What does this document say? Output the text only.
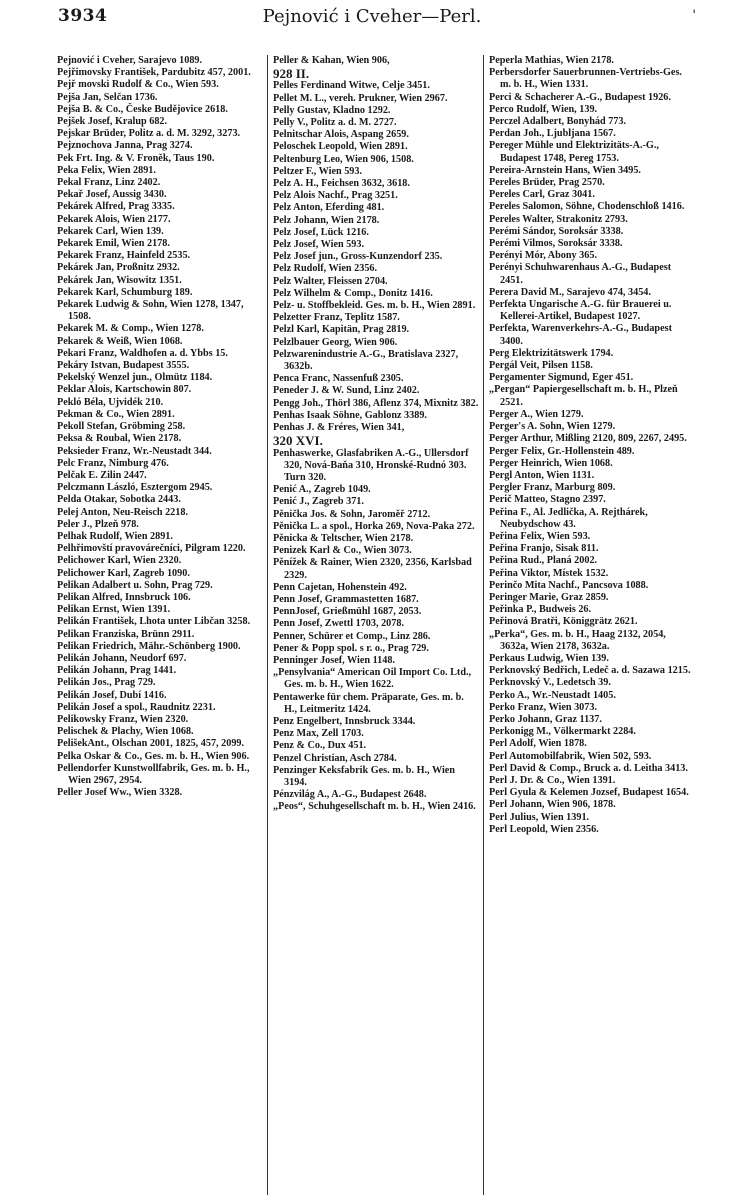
3934	Pejnović i Cveher—Perl.	'

Pejnović i Cveher, Sarajevo 1089.

Pejřimovsky František, Pardubitz 457, 2001.

Pejř movski Rudolf & Co., Wien 593.

Pejša Jan, Selčan 1736.

Pejša B. & Co., Česke Budějovice 2618.

Pejšek Josef, Kralup 682.

Pejskar Brüder, Politz a. d. M. 3292, 3273.

Pejznochova Janna, Prag 3274.

Pek Frt. Ing. & V. Froněk, Taus 190.

Peka Felix, Wien 2891.

Pekal Franz, Linz 2402.

Pekař Josef, Aussig 3430.

Pekárek Alfred, Prag 3335.

Pekarek Alois, Wien 2177.

Pekarek Carl, Wien 139.

Pekarek Emil, Wien 2178.

Pekarek Franz, Hainfeld 2535.

Pekárek Jan, Proßnitz 2932.

Pekárek Jan, Wisowitz 1351.

Pekarek Karl, Schumburg 189.

Pekarek Ludwig & Sohn, Wien 1278, 1347, 1508.

Pekarek M. & Comp., Wien 1278.

Pekarek & Weiß, Wien 1068.

Pekari Franz, Waldhofen a. d. Ybbs 15.

Pekáry Istvan, Budapest 3555.

Pekelský Wenzel jun., Olmütz 1184.

Peklar Alois, Kartschowin 807.

Pekló Béla, Ujvidék 210.

Pekman & Co., Wien 2891.

Pekoll Stefan, Gröbming 258.

Peksa & Roubal, Wien 2178.

Peksieder Franz, Wr.-Neustadt 344.

Pelc Franz, Nimburg 476.

Pelčak E. Zilin 2447.

Pelczmann László, Esztergom 2945.

Pelda Otakar, Sobotka 2443.

Pelej Anton, Neu-Reisch 2218.

Peler J., Plzeň 978.

Pelhak Rudolf, Wien 2891.

Pelhřimovští pravovárečníci, Pilgram 1220.

Pelichower Karl, Wien 2320.

Pelichower Karl, Zagreb 1090.

Pelikan Adalbert u. Sohn, Prag 729.

Pelikan Alfred, Innsbruck 106.

Pelikan Ernst, Wien 1391.

Pelikán František, Lhota unter Libčan 3258.

Pelikan Franziska, Brünn 2911.

Pelikan Friedrich, Mähr.-Schönberg 1900.

Pelikán Johann, Neudorf 697.

Pelikán Johann, Prag 1441.

Pelikán Jos., Prag 729.

Pelikán Josef, Dubí 1416.

Pelikán Josef a spol., Raudnitz 2231.

Pelikowsky Franz, Wien 2320.

Pelischek & Plachy, Wien 1068.

PelišekAnt., Olschan 2001, 1825, 457, 2099.

Pelka Oskar & Co., Ges. m. b. H., Wien 906.

Pellendorfer Kunstwollfabrik, Ges. m. b. H., Wien 2967, 2954.

Peller Josef Ww., Wien 3328.

Peller & Kahan, Wien 906,

928 II.

Pelles Ferdinand Witwe, Celje 3451.

Pellet M. L., vereh. Prukner, Wien 2967.

Pelly Gustav, Kladno 1292.

Pelly V., Politz a. d. M. 2727.

Pelnitschar Alois, Aspang 2659.

Peloschek Leopold, Wien 2891.

Peltenburg Leo, Wien 906, 1508.

Peltzer F., Wien 593.

Pelz A. H., Feichsen 3632, 3618.

Pelz Alois Nachf., Prag 3251.

Pelz Anton, Eferding 481.

Pelz Johann, Wien 2178.

Pelz Josef, Lück 1216.

Pelz Josef, Wien 593.

Pelz Josef jun., Gross-Kunzendorf 235.

Pelz Rudolf, Wien 2356.

Pelz Walter, Fleissen 2704.

Pelz Wilhelm & Comp., Donitz 1416.

Pelz- u. Stoffbekleid. Ges. m. b. H., Wien 2891.

Pelzetter Franz, Teplitz 1587.

Pelzl Karl, Kapitän, Prag 2819.

Pelzlbauer Georg, Wien 906.

Pelzwarenindustrie A.-G., Bratislava 2327, 3632b.

Penca Franc, Nassenfuß 2305.

Peneder J. & W. Sund, Linz 2402.

Pengg Joh., Thörl 386, Aflenz 374, Mixnitz 382.

Penhas Isaak Söhne, Gablonz 3389.

Penhas J. & Fréres, Wien 341,

320 XVI.

Penhaswerke, Glasfabriken A.-G., Ullersdorf 320, Nová-Baňa 310, Hronské-Rudnó 303. Turn 320.

Penić A., Zagreb 1049.

Penić J., Zagreb 371.

Pěnička Jos. & Sohn, Jaroměř 2712.

Pěnička L. a spol., Horka 269, Nova-Paka 272.

Pěnicka & Teltscher, Wien 2178.

Penizek Karl & Co., Wien 3073.

Pěnížek & Rainer, Wien 2320, 2356, Karlsbad 2329.

Penn Cajetan, Hohenstein 492.

Penn Josef, Grammastetten 1687.

PennJosef, Grießmühl 1687, 2053.

Penn Josef, Zwettl 1703, 2078.

Penner, Schürer et Comp., Linz 286.

Pener & Popp spol. s r. o., Prag 729.

Penninger Josef, Wien 1148.

„Pensylvania“ American Oil Import Co. Ltd., Ges. m. b. H., Wien 1622.

Pentawerke für chem. Präparate, Ges. m. b. H., Leitmeritz 1424.

Penz Engelbert, Innsbruck 3344.

Penz Max, Zell 1703.

Penz & Co., Dux 451.

Penzel Christian, Asch 2784.

Penzinger Keksfabrik Ges. m. b. H., Wien 3194.

Pénzvilág A., A.-G., Budapest 2648.

„Peos“, Schuhgesellschaft m. b. H., Wien 2416.

Peperla Mathias, Wien 2178.

Perbersdorfer Sauerbrunnen-Vertriebs-Ges. m. b. H., Wien 1331.

Perci & Schacherer A.-G., Budapest 1926.

Perco Rudolf, Wien, 139.

Perczel Adalbert, Bonyhád 773.

Perdan Joh., Ljubljana 1567.

Pereger Mühle und Elektrizitäts-A.-G., Budapest 1748, Pereg 1753.

Pereira-Arnstein Hans, Wien 3495.

Pereles Brüder, Prag 2570.

Pereles Carl, Graz 3041.

Pereles Salomon, Söhne, Chodenschloß 1416.

Pereles Walter, Strakonitz 2793.

Perémi Sándor, Soroksár 3338.

Perémi Vilmos, Soroksár 3338.

Perényi Mór, Abony 365.

Perényi Schuhwarenhaus A.-G., Budapest 2451.

Perera David M., Sarajevo 474, 3454.

Perfekta Ungarische A.-G. für Brauerei u. Kellerei-Artikel, Budapest 1027.

Perfekta, Warenverkehrs-A.-G., Budapest 3400.

Perg Elektrizitätswerk 1794.

Pergál Veit, Pilsen 1158.

Pergamenter Sigmund, Eger 451.

„Pergan“ Papiergesellschaft m. b. H., Plzeň 2521.

Perger A., Wien 1279.

Perger's A. Sohn, Wien 1279.

Perger Arthur, Mißling 2120, 809, 2267, 2495.

Perger Felix, Gr.-Hollenstein 489.

Perger Heinrich, Wien 1068.

Pergl Anton, Wien 1131.

Pergler Franz, Marburg 809.

Perič Matteo, Stagno 2397.

Peřina F., Al. Jedlička, A. Rejthárek, Neubydschow 43.

Peřina Felix, Wien 593.

Peřina Franjo, Sisak 811.

Peřina Rud., Planá 2002.

Peřina Viktor, Místek 1532.

Perinčo Mita Nachf., Pancsova 1088.

Peringer Marie, Graz 2859.

Peřinka P., Budweis 26.

Peřinová Bratři, Königgrätz 2621.

„Perka“, Ges. m. b. H., Haag 2132, 2054, 3632a, Wien 2178, 3632a.

Perkaus Ludwig, Wien 139.

Perknovský Bedřich, Ledeč a. d. Sazawa 1215.

Perknovský V., Ledetsch 39.

Perko A., Wr.-Neustadt 1405.

Perko Franz, Wien 3073.

Perko Johann, Graz 1137.

Perkonigg M., Völkermarkt 2284.

Perl Adolf, Wien 1878.

Perl Automobilfabrik, Wien 502, 593.

Perl David & Comp., Bruck a. d. Leitha 3413.

Perl J. Dr. & Co., Wien 1391.

Perl Gyula & Kelemen Jozsef, Budapest 1654.

Perl Johann, Wien 906, 1878.

Perl Julius, Wien 1391.

Perl Leopold, Wien 2356.
